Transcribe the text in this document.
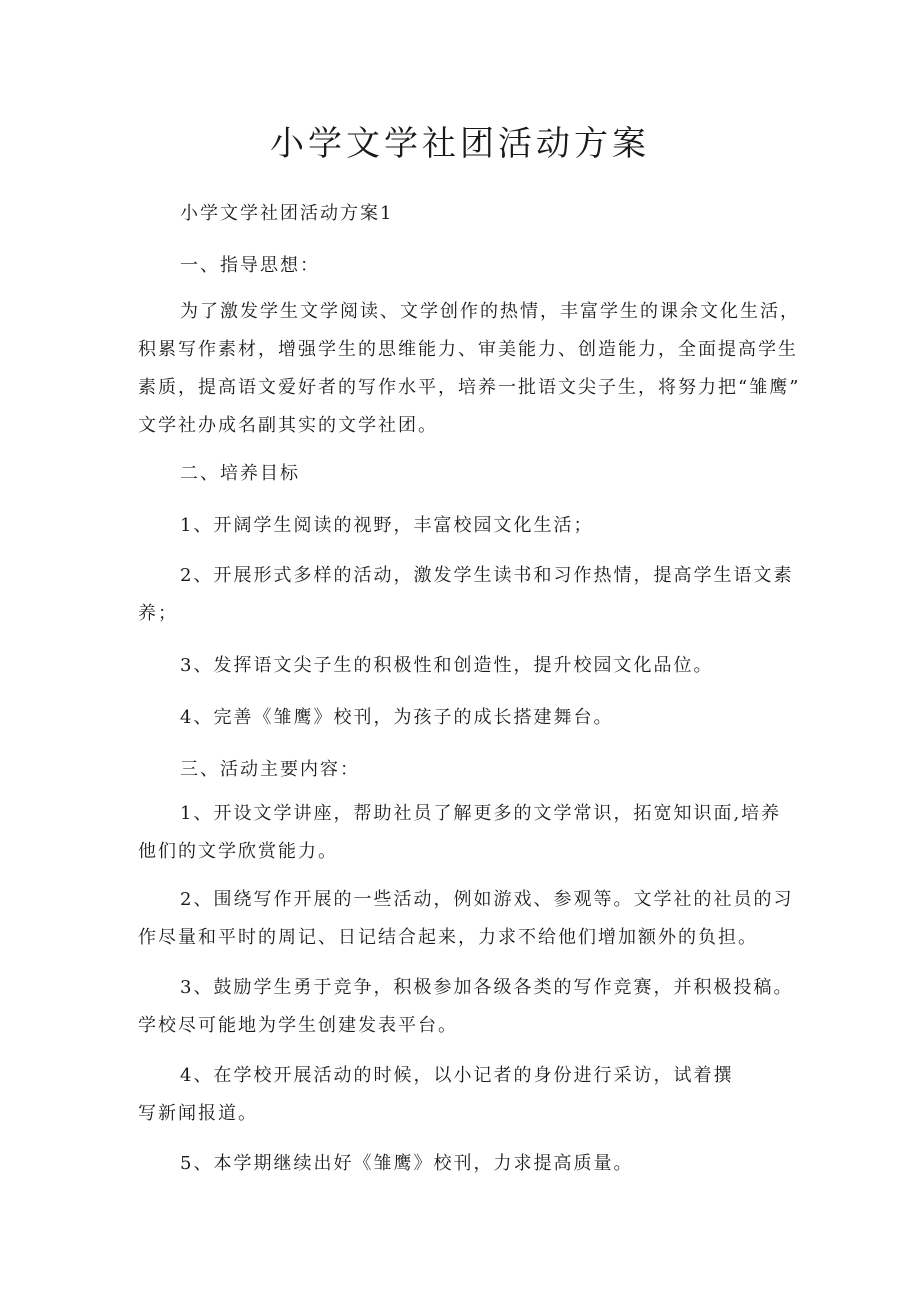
小学文学社团活动方案

小学文学社团活动方案1

一、指导思想：

为了激发学生文学阅读、文学创作的热情，丰富学生的课余文化生活，
积累写作素材，增强学生的思维能力、审美能力、创造能力，全面提高学生
素质，提高语文爱好者的写作水平，培养一批语文尖子生，将努力把“雏鹰”
文学社办成名副其实的文学社团。

二、培养目标

1、开阔学生阅读的视野，丰富校园文化生活；

2、开展形式多样的活动，激发学生读书和习作热情，提高学生语文素
养；

3、发挥语文尖子生的积极性和创造性，提升校园文化品位。

4、完善《雏鹰》校刊，为孩子的成长搭建舞台。

三、活动主要内容：

1、开设文学讲座，帮助社员了解更多的文学常识，拓宽知识面,培养
他们的文学欣赏能力。

2、围绕写作开展的一些活动，例如游戏、参观等。文学社的社员的习
作尽量和平时的周记、日记结合起来，力求不给他们增加额外的负担。

3、鼓励学生勇于竞争，积极参加各级各类的写作竞赛，并积极投稿。
学校尽可能地为学生创建发表平台。

4、在学校开展活动的时候，以小记者的身份进行采访，试着撰
写新闻报道。

5、本学期继续出好《雏鹰》校刊，力求提高质量。
